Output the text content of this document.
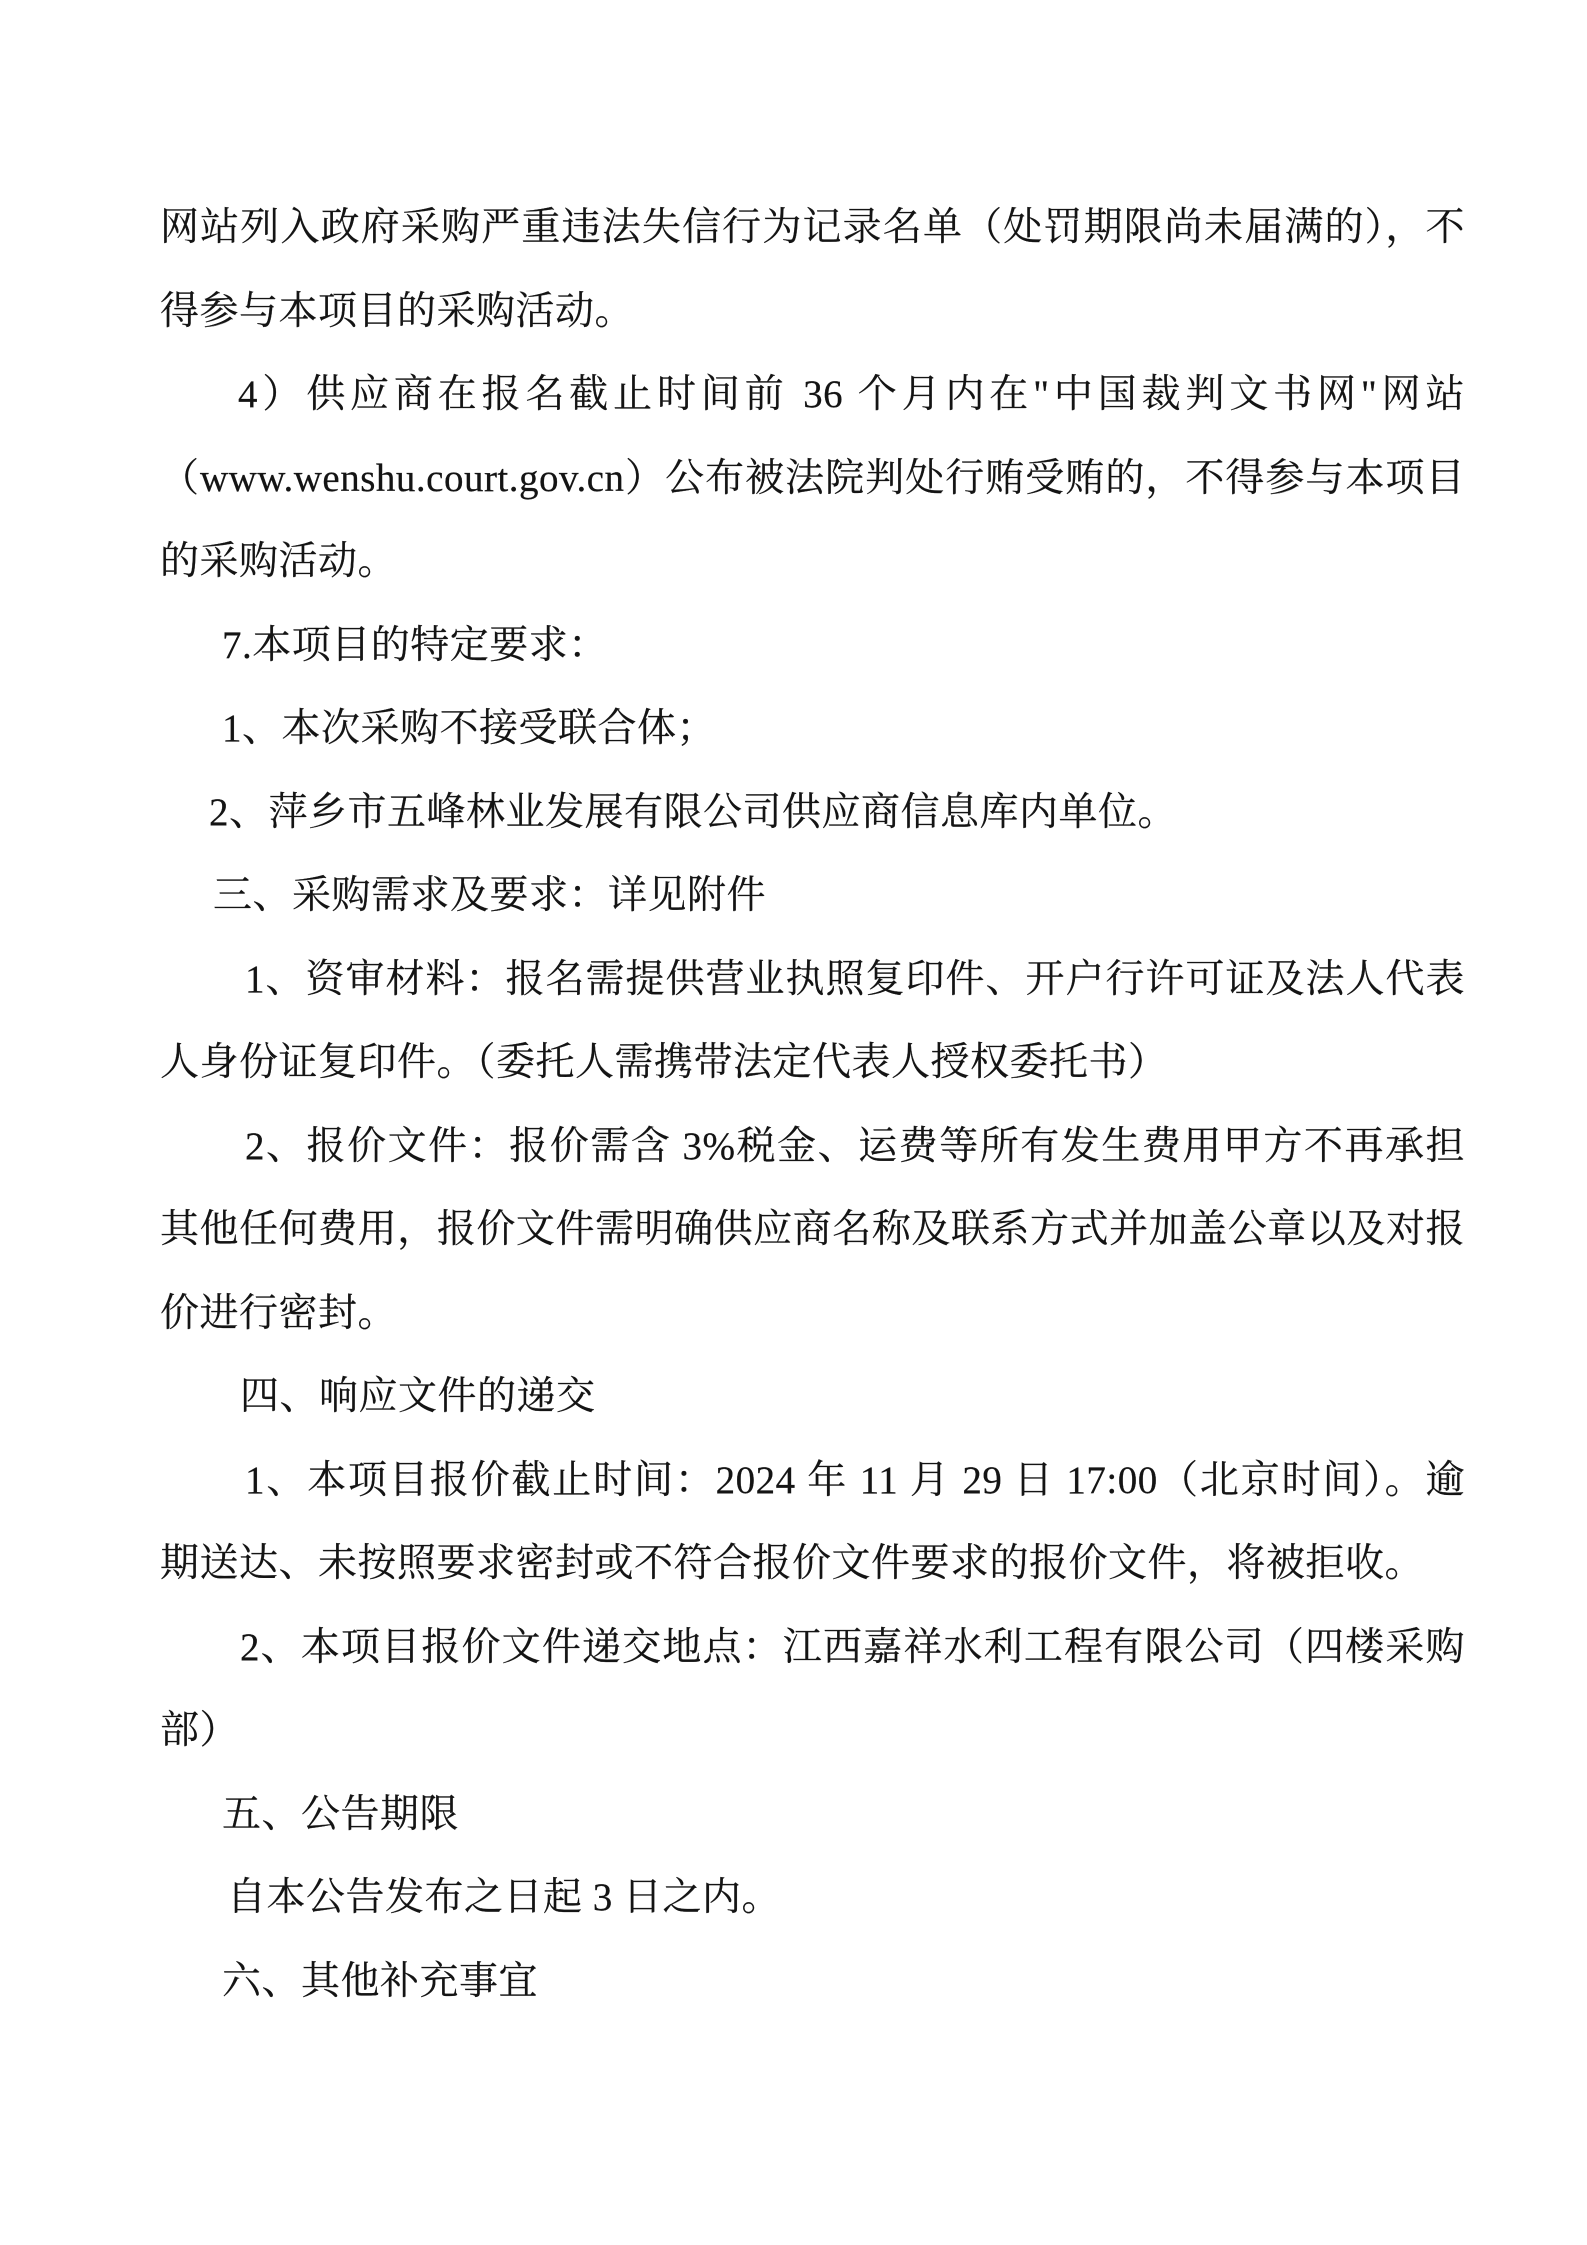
网站列入政府采购严重违法失信行为记录名单（处罚期限尚未届满的），不得参与本项目的采购活动。

4）供应商在报名截止时间前 36 个月内在"中国裁判文书网"网站（www.wenshu.court.gov.cn）公布被法院判处行贿受贿的，不得参与本项目的采购活动。

7.本项目的特定要求：

1、本次采购不接受联合体；

2、萍乡市五峰林业发展有限公司供应商信息库内单位。

三、采购需求及要求：详见附件

1、资审材料：报名需提供营业执照复印件、开户行许可证及法人代表人身份证复印件。（委托人需携带法定代表人授权委托书）

2、报价文件：报价需含 3%税金、运费等所有发生费用甲方不再承担其他任何费用，报价文件需明确供应商名称及联系方式并加盖公章以及对报价进行密封。

四、响应文件的递交

1、本项目报价截止时间：2024 年 11 月 29 日 17:00（北京时间）。逾期送达、未按照要求密封或不符合报价文件要求的报价文件，将被拒收。

2、本项目报价文件递交地点：江西嘉祥水利工程有限公司（四楼采购部）

五、公告期限

自本公告发布之日起 3 日之内。

六、其他补充事宜
